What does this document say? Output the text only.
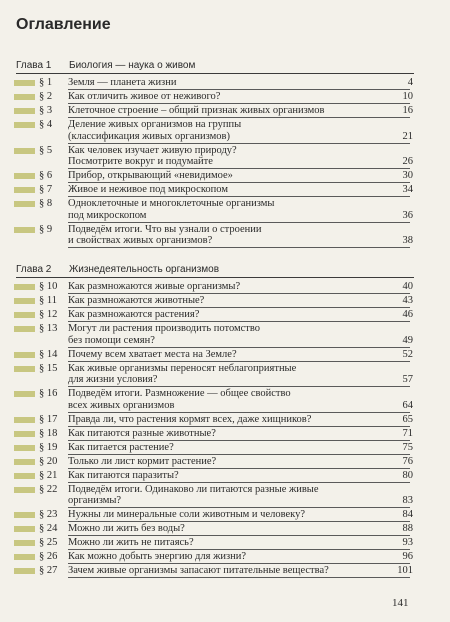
Оглавление
Глава 1 Биология — наука о живом
§ 1 Земля — планета жизни	4
§ 2 Как отличить живое от неживого?	10
§ 3 Клеточное строение – общий признак живых организмов	16
§ 4 Деление живых организмов на группы
(классификация живых организмов)	21
§ 5 Как человек изучает живую природу?
Посмотрите вокруг и подумайте	26
§ 6 Прибор, открывающий «невидимое»	30
§ 7 Живое и неживое под микроскопом	34
§ 8 Одноклеточные и многоклеточные организмы
под микроскопом	36
§ 9 Подведём итоги. Что вы узнали о строении
и свойствах живых организмов?	38
Глава 2 Жизнедеятельность организмов
§ 10 Как размножаются живые организмы?	40
§ 11 Как размножаются животные?	43
§ 12 Как размножаются растения?	46
§ 13 Могут ли растения производить потомство
без помощи семян?	49
§ 14 Почему всем хватает места на Земле?	52
§ 15 Как живые организмы переносят неблагоприятные
для жизни условия?	57
§ 16 Подведём итоги. Размножение — общее свойство
всех живых организмов	64
§ 17 Правда ли, что растения кормят всех, даже хищников?	65
§ 18 Как питаются разные животные?	71
§ 19 Как питается растение?	75
§ 20 Только ли лист кормит растение?	76
§ 21 Как питаются паразиты?	80
§ 22 Подведём итоги. Одинаково ли питаются разные живые
организмы?	83
§ 23 Нужны ли минеральные соли животным и человеку?	84
§ 24 Можно ли жить без воды?	88
§ 25 Можно ли жить не питаясь?	93
§ 26 Как можно добыть энергию для жизни?	96
§ 27 Зачем живые организмы запасают питательные вещества?	101
141
